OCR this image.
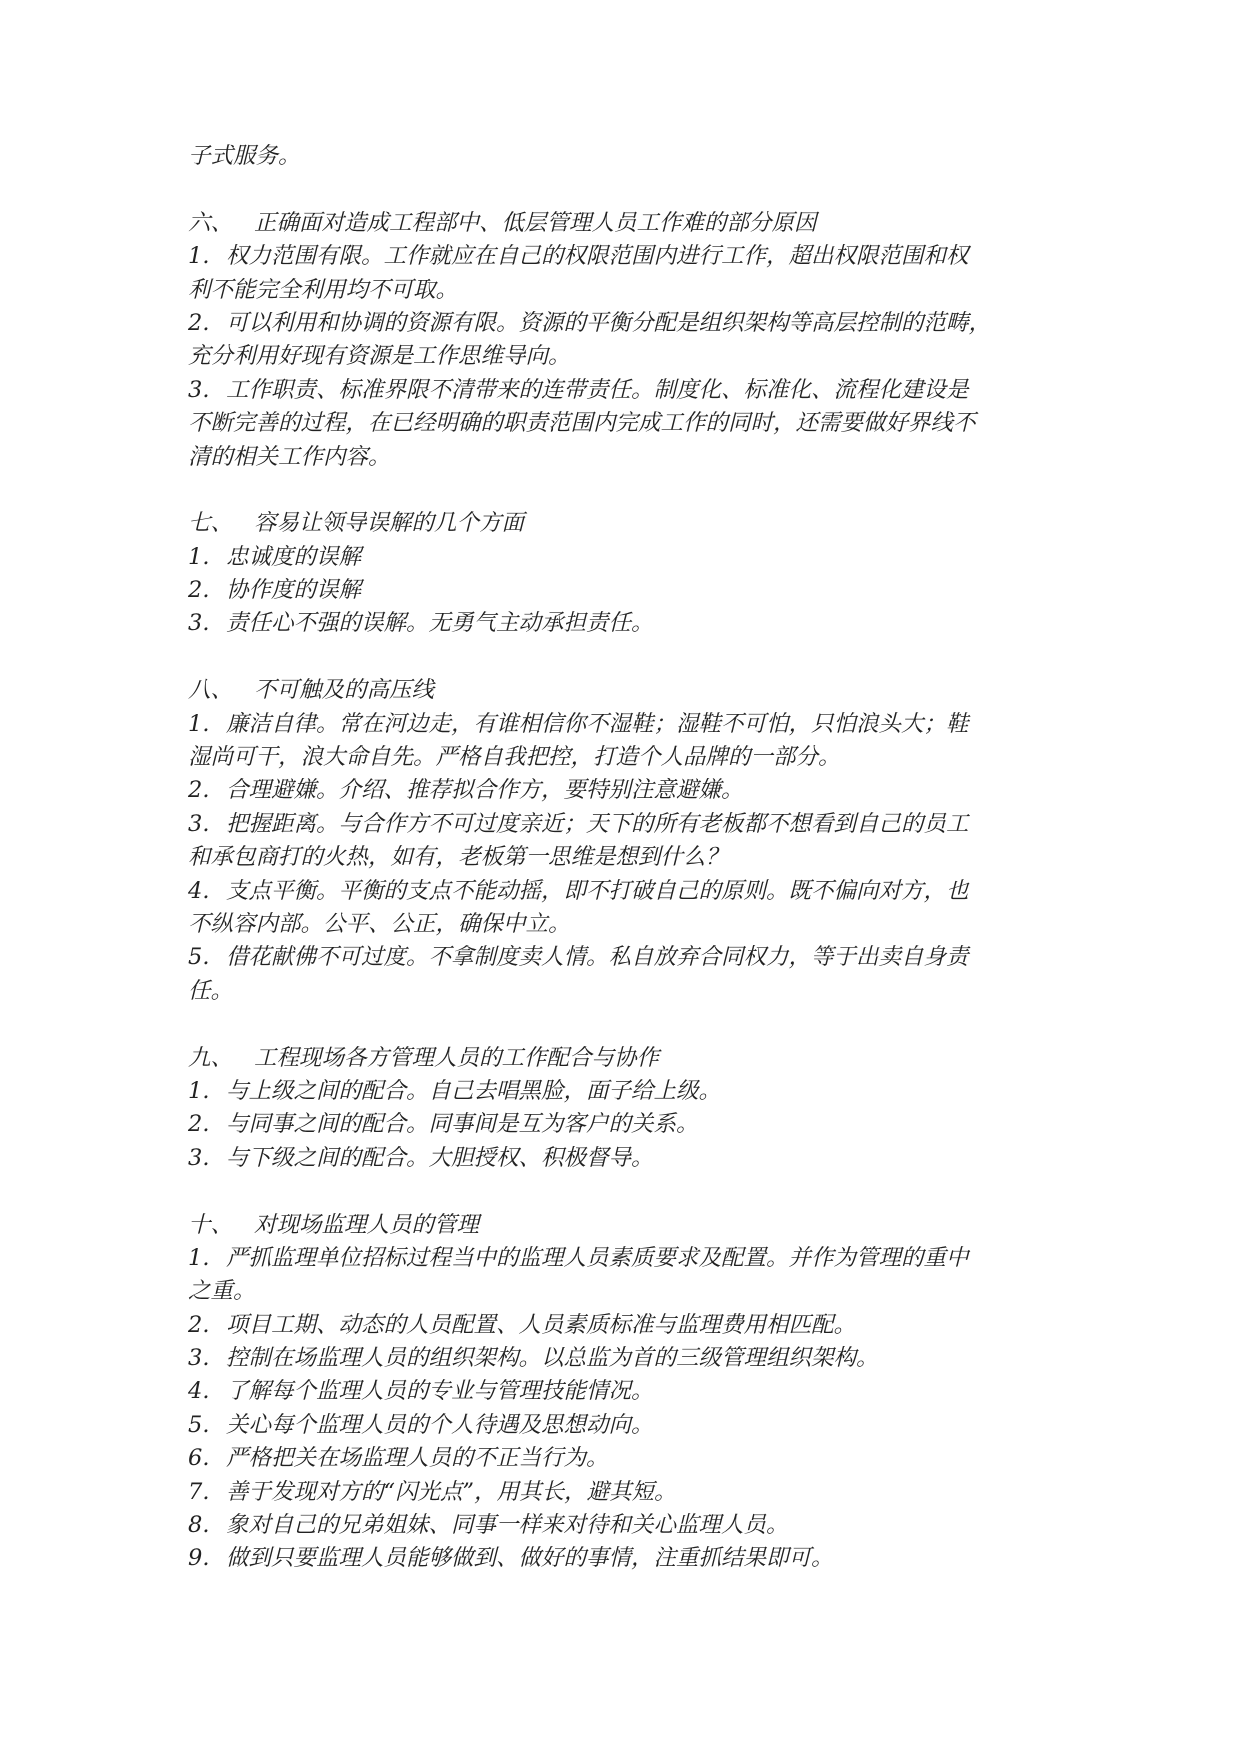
子式服务。
六、 正确面对造成工程部中、低层管理人员工作难的部分原因
1. 权力范围有限。工作就应在自己的权限范围内进行工作，超出权限范围和权
利不能完全利用均不可取。
2. 可以利用和协调的资源有限。资源的平衡分配是组织架构等高层控制的范畴，
充分利用好现有资源是工作思维导向。
3. 工作职责、标准界限不清带来的连带责任。制度化、标准化、流程化建设是
不断完善的过程，在已经明确的职责范围内完成工作的同时，还需要做好界线不
清的相关工作内容。
七、 容易让领导误解的几个方面
1. 忠诚度的误解
2. 协作度的误解
3. 责任心不强的误解。无勇气主动承担责任。
八、 不可触及的高压线
1. 廉洁自律。常在河边走，有谁相信你不湿鞋；湿鞋不可怕，只怕浪头大；鞋
湿尚可干，浪大命自先。严格自我把控，打造个人品牌的一部分。
2. 合理避嫌。介绍、推荐拟合作方，要特别注意避嫌。
3. 把握距离。与合作方不可过度亲近；天下的所有老板都不想看到自己的员工
和承包商打的火热，如有，老板第一思维是想到什么？
4. 支点平衡。平衡的支点不能动摇，即不打破自己的原则。既不偏向对方，也
不纵容内部。公平、公正，确保中立。
5. 借花献佛不可过度。不拿制度卖人情。私自放弃合同权力，等于出卖自身责
任。
九、 工程现场各方管理人员的工作配合与协作
1. 与上级之间的配合。自己去唱黑脸，面子给上级。
2. 与同事之间的配合。同事间是互为客户的关系。
3. 与下级之间的配合。大胆授权、积极督导。
十、 对现场监理人员的管理
1. 严抓监理单位招标过程当中的监理人员素质要求及配置。并作为管理的重中
之重。
2. 项目工期、动态的人员配置、人员素质标准与监理费用相匹配。
3. 控制在场监理人员的组织架构。以总监为首的三级管理组织架构。
4. 了解每个监理人员的专业与管理技能情况。
5. 关心每个监理人员的个人待遇及思想动向。
6. 严格把关在场监理人员的不正当行为。
7. 善于发现对方的“闪光点”，用其长，避其短。
8. 象对自己的兄弟姐妹、同事一样来对待和关心监理人员。
9. 做到只要监理人员能够做到、做好的事情，注重抓结果即可。
